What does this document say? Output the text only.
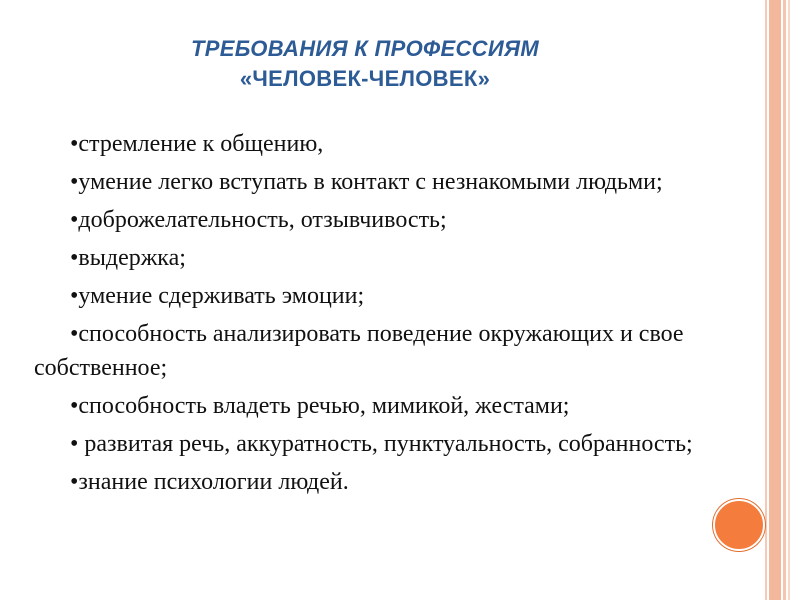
ТРЕБОВАНИЯ К ПРОФЕССИЯМ
«ЧЕЛОВЕК-ЧЕЛОВЕК»
•стремление к общению,
•умение легко вступать в контакт с незнакомыми людьми;
•доброжелательность, отзывчивость;
•выдержка;
•умение сдерживать эмоции;
•способность анализировать поведение окружающих и свое собственное;
•способность владеть речью, мимикой, жестами;
• развитая речь, аккуратность, пунктуальность, собранность;
•знание психологии людей.
